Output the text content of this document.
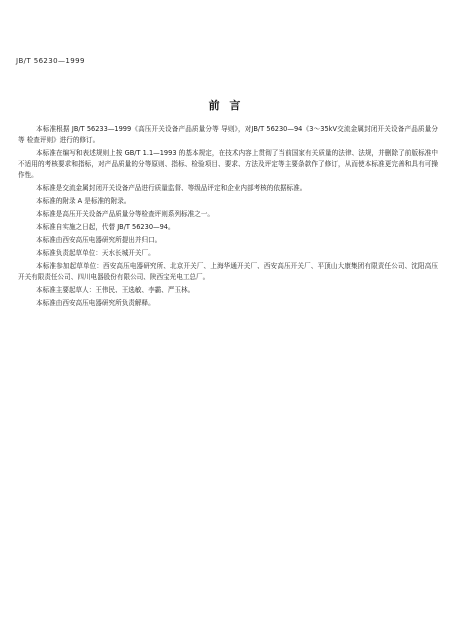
JB/T 56230—1999
前 言

本标准根据 JB/T 56233—1999《高压开关设备产品质量分等 导则》，对JB/T 56230—94《3～35kV交流金属封闭开关设备产品质量分等 检查评则》进行的修订。

本标准在编写和表述规则上按 GB/T 1.1—1993 的基本规定，在技术内容上贯彻了当前国家有关质量的法律、法规，并删除了前版标准中不适用的考核要求和指标，对产品质量的分等原则、指标、检验项目、要求、方法及评定等主要条款作了修订，从而使本标准更完善和具有可操作性。

本标准是交流金属封闭开关设备产品进行质量监督、等级品评定和企业内部考核的依据标准。

本标准的附录 A 是标准的附录。

本标准是高压开关设备产品质量分等检查评则系列标准之一。

本标准自实施之日起，代替 JB/T 56230—94。

本标准由西安高压电器研究所提出并归口。

本标准负责起草单位：天水长城开关厂。

本标准参加起草单位：西安高压电器研究所、北京开关厂、上海华通开关厂、西安高压开关厂、平顶山大康集团有限责任公司、沈阳高压开关有限责任公司、四川电器股份有限公司、陕西宝光电工总厂。

本标准主要起草人：王伟民、王选敏、李霸、严玉林。

本标准由西安高压电器研究所负责解释。
